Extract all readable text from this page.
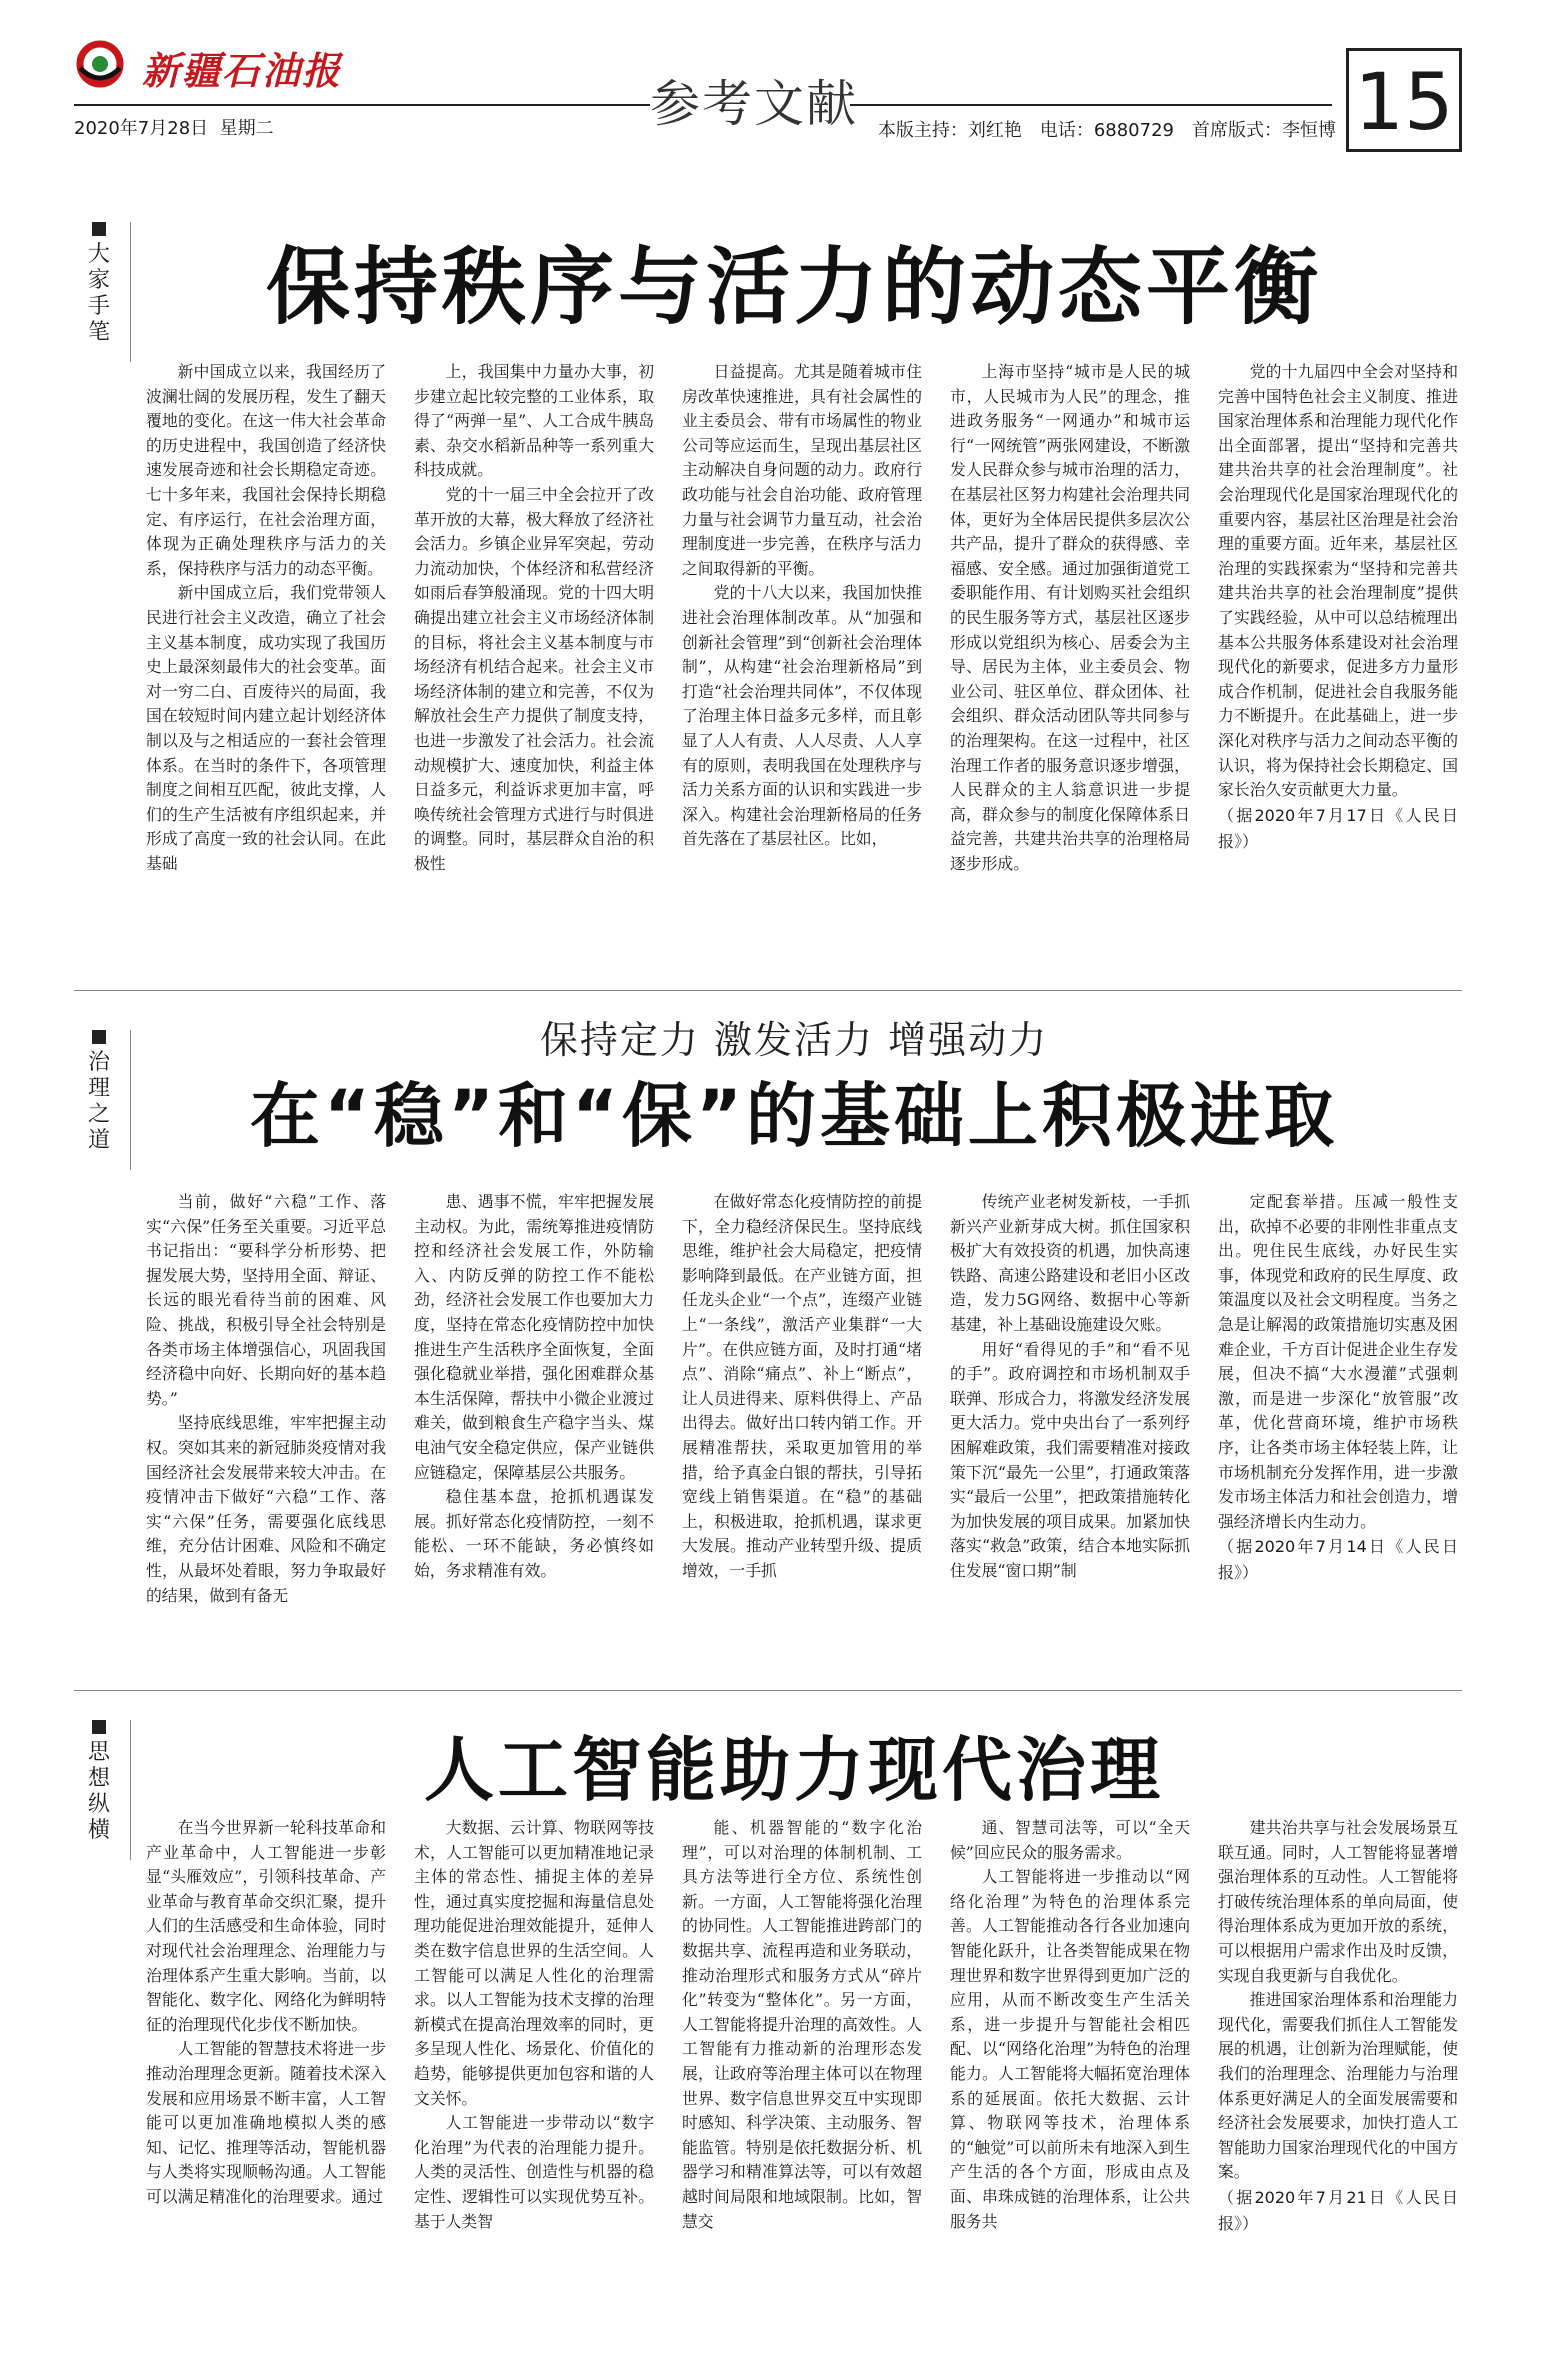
新疆石油报
参考文献
2020年7月28日 星期二	本版主持：刘红艳　电话：6880729　首席版式：李恒博 15
大
家
手
笔	保持秩序与活力的动态平衡

新中国成立以来，我国经历了波澜壮阔的发展历程，发生了翻天覆地的变化。在这一伟大社会革命的历史进程中，我国创造了经济快速发展奇迹和社会长期稳定奇迹。七十多年来，我国社会保持长期稳定、有序运行，在社会治理方面，体现为正确处理秩序与活力的关系，保持秩序与活力的动态平衡。

新中国成立后，我们党带领人民进行社会主义改造，确立了社会主义基本制度，成功实现了我国历史上最深刻最伟大的社会变革。面对一穷二白、百废待兴的局面，我国在较短时间内建立起计划经济体制以及与之相适应的一套社会管理体系。在当时的条件下，各项管理制度之间相互匹配，彼此支撑，人们的生产生活被有序组织起来，并形成了高度一致的社会认同。在此基础

上，我国集中力量办大事，初步建立起比较完整的工业体系，取得了“两弹一星”、人工合成牛胰岛素、杂交水稻新品种等一系列重大科技成就。

党的十一届三中全会拉开了改革开放的大幕，极大释放了经济社会活力。乡镇企业异军突起，劳动力流动加快，个体经济和私营经济如雨后春笋般涌现。党的十四大明确提出建立社会主义市场经济体制的目标，将社会主义基本制度与市场经济有机结合起来。社会主义市场经济体制的建立和完善，不仅为解放社会生产力提供了制度支持，也进一步激发了社会活力。社会流动规模扩大、速度加快，利益主体日益多元，利益诉求更加丰富，呼唤传统社会管理方式进行与时俱进的调整。同时，基层群众自治的积极性

日益提高。尤其是随着城市住房改革快速推进，具有社会属性的业主委员会、带有市场属性的物业公司等应运而生，呈现出基层社区主动解决自身问题的动力。政府行政功能与社会自治功能、政府管理力量与社会调节力量互动，社会治理制度进一步完善，在秩序与活力之间取得新的平衡。

党的十八大以来，我国加快推进社会治理体制改革。从“加强和创新社会管理”到“创新社会治理体制”，从构建“社会治理新格局”到打造“社会治理共同体”，不仅体现了治理主体日益多元多样，而且彰显了人人有责、人人尽责、人人享有的原则，表明我国在处理秩序与活力关系方面的认识和实践进一步深入。构建社会治理新格局的任务首先落在了基层社区。比如，

上海市坚持“城市是人民的城市，人民城市为人民”的理念，推进政务服务“一网通办”和城市运行“一网统管”两张网建设，不断激发人民群众参与城市治理的活力，在基层社区努力构建社会治理共同体，更好为全体居民提供多层次公共产品，提升了群众的获得感、幸福感、安全感。通过加强街道党工委职能作用、有计划购买社会组织的民生服务等方式，基层社区逐步形成以党组织为核心、居委会为主导、居民为主体，业主委员会、物业公司、驻区单位、群众团体、社会组织、群众活动团队等共同参与的治理架构。在这一过程中，社区治理工作者的服务意识逐步增强，人民群众的主人翁意识进一步提高，群众参与的制度化保障体系日益完善，共建共治共享的治理格局逐步形成。

党的十九届四中全会对坚持和完善中国特色社会主义制度、推进国家治理体系和治理能力现代化作出全面部署，提出“坚持和完善共建共治共享的社会治理制度”。社会治理现代化是国家治理现代化的重要内容，基层社区治理是社会治理的重要方面。近年来，基层社区治理的实践探索为“坚持和完善共建共治共享的社会治理制度”提供了实践经验，从中可以总结梳理出基本公共服务体系建设对社会治理现代化的新要求，促进多方力量形成合作机制，促进社会自我服务能力不断提升。在此基础上，进一步深化对秩序与活力之间动态平衡的认识，将为保持社会长期稳定、国家长治久安贡献更大力量。

（据2020年7月17日《人民日报》）

治
理
之
道
保持定力 激发活力 增强动力
在“稳”和“保”的基础上积极进取

当前，做好“六稳”工作、落实“六保”任务至关重要。习近平总书记指出：“要科学分析形势、把握发展大势，坚持用全面、辩证、长远的眼光看待当前的困难、风险、挑战，积极引导全社会特别是各类市场主体增强信心，巩固我国经济稳中向好、长期向好的基本趋势。”

坚持底线思维，牢牢把握主动权。突如其来的新冠肺炎疫情对我国经济社会发展带来较大冲击。在疫情冲击下做好“六稳”工作、落实“六保”任务，需要强化底线思维，充分估计困难、风险和不确定性，从最坏处着眼，努力争取最好的结果，做到有备无

患、遇事不慌，牢牢把握发展主动权。为此，需统筹推进疫情防控和经济社会发展工作，外防输入、内防反弹的防控工作不能松劲，经济社会发展工作也要加大力度，坚持在常态化疫情防控中加快推进生产生活秩序全面恢复，全面强化稳就业举措，强化困难群众基本生活保障，帮扶中小微企业渡过难关，做到粮食生产稳字当头、煤电油气安全稳定供应，保产业链供应链稳定，保障基层公共服务。

稳住基本盘，抢抓机遇谋发展。抓好常态化疫情防控，一刻不能松、一环不能缺，务必慎终如始，务求精准有效。

在做好常态化疫情防控的前提下，全力稳经济保民生。坚持底线思维，维护社会大局稳定，把疫情影响降到最低。在产业链方面，担任龙头企业“一个点”，连缀产业链上“一条线”，激活产业集群“一大片”。在供应链方面，及时打通“堵点”、消除“痛点”、补上“断点”，让人员进得来、原料供得上、产品出得去。做好出口转内销工作。开展精准帮扶，采取更加管用的举措，给予真金白银的帮扶，引导拓宽线上销售渠道。在“稳”的基础上，积极进取，抢抓机遇，谋求更大发展。推动产业转型升级、提质增效，一手抓

传统产业老树发新枝，一手抓新兴产业新芽成大树。抓住国家积极扩大有效投资的机遇，加快高速铁路、高速公路建设和老旧小区改造，发力5G网络、数据中心等新基建，补上基础设施建设欠账。

用好“看得见的手”和“看不见的手”。政府调控和市场机制双手联弹、形成合力，将激发经济发展更大活力。党中央出台了一系列纾困解难政策，我们需要精准对接政策下沉“最先一公里”，打通政策落实“最后一公里”，把政策措施转化为加快发展的项目成果。加紧加快落实“救急”政策，结合本地实际抓住发展“窗口期”制

定配套举措。压减一般性支出，砍掉不必要的非刚性非重点支出。兜住民生底线，办好民生实事，体现党和政府的民生厚度、政策温度以及社会文明程度。当务之急是让解渴的政策措施切实惠及困难企业，千方百计促进企业生存发展，但决不搞“大水漫灌”式强刺激，而是进一步深化“放管服”改革，优化营商环境，维护市场秩序，让各类市场主体轻装上阵，让市场机制充分发挥作用，进一步激发市场主体活力和社会创造力，增强经济增长内生动力。

（据2020年7月14日《人民日报》）

思
想
纵
横
人工智能助力现代治理

在当今世界新一轮科技革命和产业革命中，人工智能进一步彰显“头雁效应”，引领科技革命、产业革命与教育革命交织汇聚，提升人们的生活感受和生命体验，同时对现代社会治理理念、治理能力与治理体系产生重大影响。当前，以智能化、数字化、网络化为鲜明特征的治理现代化步伐不断加快。

人工智能的智慧技术将进一步推动治理理念更新。随着技术深入发展和应用场景不断丰富，人工智能可以更加准确地模拟人类的感知、记忆、推理等活动，智能机器与人类将实现顺畅沟通。人工智能可以满足精准化的治理要求。通过

大数据、云计算、物联网等技术，人工智能可以更加精准地记录主体的常态性、捕捉主体的差异性，通过真实度挖掘和海量信息处理功能促进治理效能提升，延伸人类在数字信息世界的生活空间。人工智能可以满足人性化的治理需求。以人工智能为技术支撑的治理新模式在提高治理效率的同时，更多呈现人性化、场景化、价值化的趋势，能够提供更加包容和谐的人文关怀。

人工智能进一步带动以“数字化治理”为代表的治理能力提升。人类的灵活性、创造性与机器的稳定性、逻辑性可以实现优势互补。基于人类智

能、机器智能的“数字化治理”，可以对治理的体制机制、工具方法等进行全方位、系统性创新。一方面，人工智能将强化治理的协同性。人工智能推进跨部门的数据共享、流程再造和业务联动，推动治理形式和服务方式从“碎片化”转变为“整体化”。另一方面，人工智能将提升治理的高效性。人工智能有力推动新的治理形态发展，让政府等治理主体可以在物理世界、数字信息世界交互中实现即时感知、科学决策、主动服务、智能监管。特别是依托数据分析、机器学习和精准算法等，可以有效超越时间局限和地域限制。比如，智慧交

通、智慧司法等，可以“全天候”回应民众的服务需求。

人工智能将进一步推动以“网络化治理”为特色的治理体系完善。人工智能推动各行各业加速向智能化跃升，让各类智能成果在物理世界和数字世界得到更加广泛的应用，从而不断改变生产生活关系，进一步提升与智能社会相匹配、以“网络化治理”为特色的治理能力。人工智能将大幅拓宽治理体系的延展面。依托大数据、云计算、物联网等技术，治理体系的“触觉”可以前所未有地深入到生产生活的各个方面，形成由点及面、串珠成链的治理体系，让公共服务共

建共治共享与社会发展场景互联互通。同时，人工智能将显著增强治理体系的互动性。人工智能将打破传统治理体系的单向局面，使得治理体系成为更加开放的系统，可以根据用户需求作出及时反馈，实现自我更新与自我优化。

推进国家治理体系和治理能力现代化，需要我们抓住人工智能发展的机遇，让创新为治理赋能，使我们的治理理念、治理能力与治理体系更好满足人的全面发展需要和经济社会发展要求，加快打造人工智能助力国家治理现代化的中国方案。

（据2020年7月21日《人民日报》）
